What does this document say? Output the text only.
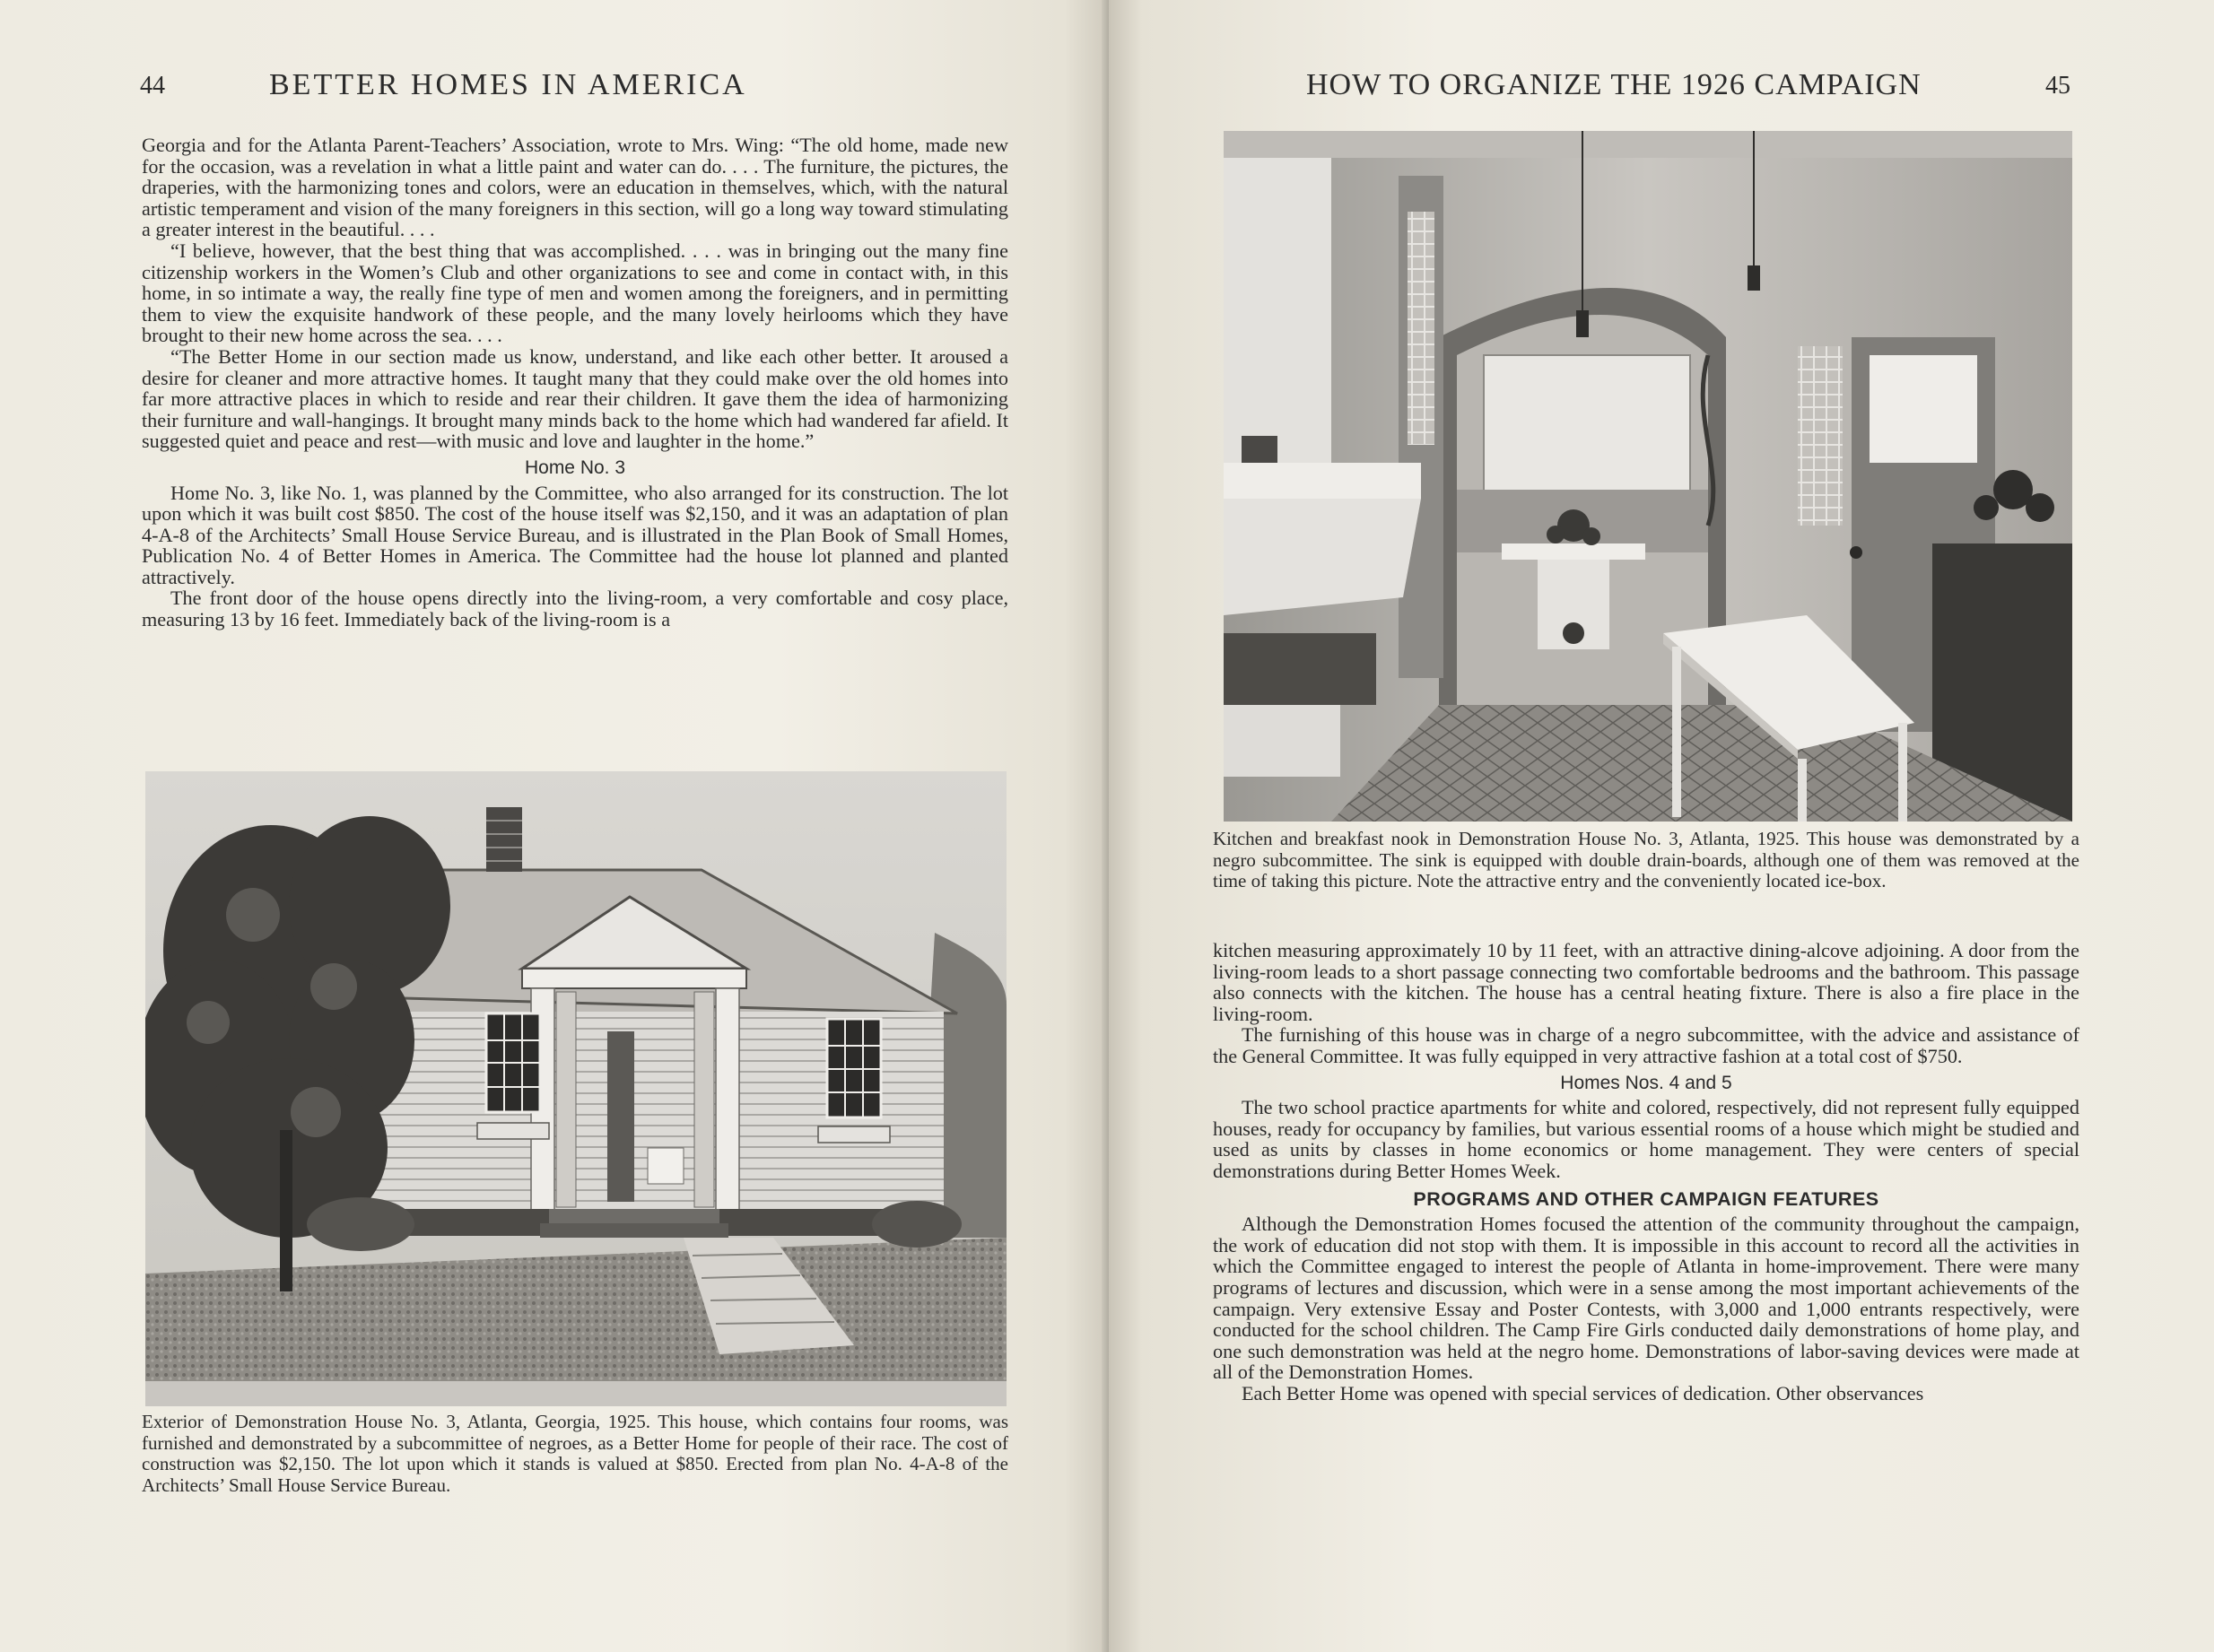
44	BETTER HOMES IN AMERICA

Georgia and for the Atlanta Parent-Teachers’ Association, wrote to Mrs. Wing: “The old home, made new for the occasion, was a revelation in what a little paint and water can do. . . . The furniture, the pictures, the draperies, with the harmonizing tones and colors, were an education in themselves, which, with the natural artistic temperament and vision of the many foreigners in this section, will go a long way toward stimulating a greater interest in the beautiful. . . .

“I believe, however, that the best thing that was accomplished. . . . was in bringing out the many fine citizenship workers in the Women’s Club and other organizations to see and come in contact with, in this home, in so intimate a way, the really fine type of men and women among the foreigners, and in permitting them to view the exquisite handwork of these people, and the many lovely heirlooms which they have brought to their new home across the sea. . . .

“The Better Home in our section made us know, understand, and like each other better. It aroused a desire for cleaner and more attractive homes. It taught many that they could make over the old homes into far more attractive places in which to reside and rear their children. It gave them the idea of harmonizing their furniture and wall-hangings. It brought many minds back to the home which had wandered far afield. It suggested quiet and peace and rest—with music and love and laughter in the home.”

Home No. 3

Home No. 3, like No. 1, was planned by the Committee, who also arranged for its construction. The lot upon which it was built cost $850. The cost of the house itself was $2,150, and it was an adaptation of plan 4-A-8 of the Architects’ Small House Service Bureau, and is illustrated in the Plan Book of Small Homes, Publication No. 4 of Better Homes in America. The Committee had the house lot planned and planted attractively.

The front door of the house opens directly into the living-room, a very comfortable and cosy place, measuring 13 by 16 feet. Immediately back of the living-room is a

Exterior of Demonstration House No. 3, Atlanta, Georgia, 1925. This house, which contains four rooms, was furnished and demonstrated by a subcommittee of negroes, as a Better Home for people of their race. The cost of construction was $2,150. The lot upon which it stands is valued at $850. Erected from plan No. 4-A-8 of the Architects’ Small House Service Bureau.
HOW TO ORGANIZE THE 1926 CAMPAIGN	45
Kitchen and breakfast nook in Demonstration House No. 3, Atlanta, 1925. This house was demonstrated by a negro subcommittee. The sink is equipped with double drain-boards, although one of them was removed at the time of taking this picture. Note the attractive entry and the conveniently located ice-box.

kitchen measuring approximately 10 by 11 feet, with an attractive dining-alcove adjoining. A door from the living-room leads to a short passage connecting two comfortable bedrooms and the bathroom. This passage also connects with the kitchen. The house has a central heating fixture. There is also a fire place in the living-room.

The furnishing of this house was in charge of a negro subcommittee, with the advice and assistance of the General Committee. It was fully equipped in very attractive fashion at a total cost of $750.

Homes Nos. 4 and 5

The two school practice apartments for white and colored, respectively, did not represent fully equipped houses, ready for occupancy by families, but various essential rooms of a house which might be studied and used as units by classes in home economics or home management. They were centers of special demonstrations during Better Homes Week.

PROGRAMS AND OTHER CAMPAIGN FEATURES

Although the Demonstration Homes focused the attention of the community throughout the campaign, the work of education did not stop with them. It is impossible in this account to record all the activities in which the Committee engaged to interest the people of Atlanta in home-improvement. There were many programs of lectures and discussion, which were in a sense among the most important achievements of the campaign. Very extensive Essay and Poster Contests, with 3,000 and 1,000 entrants respectively, were conducted for the school children. The Camp Fire Girls conducted daily demonstrations of home play, and one such demonstration was held at the negro home. Demonstrations of labor-saving devices were made at all of the Demonstration Homes.

Each Better Home was opened with special services of dedication. Other observances
